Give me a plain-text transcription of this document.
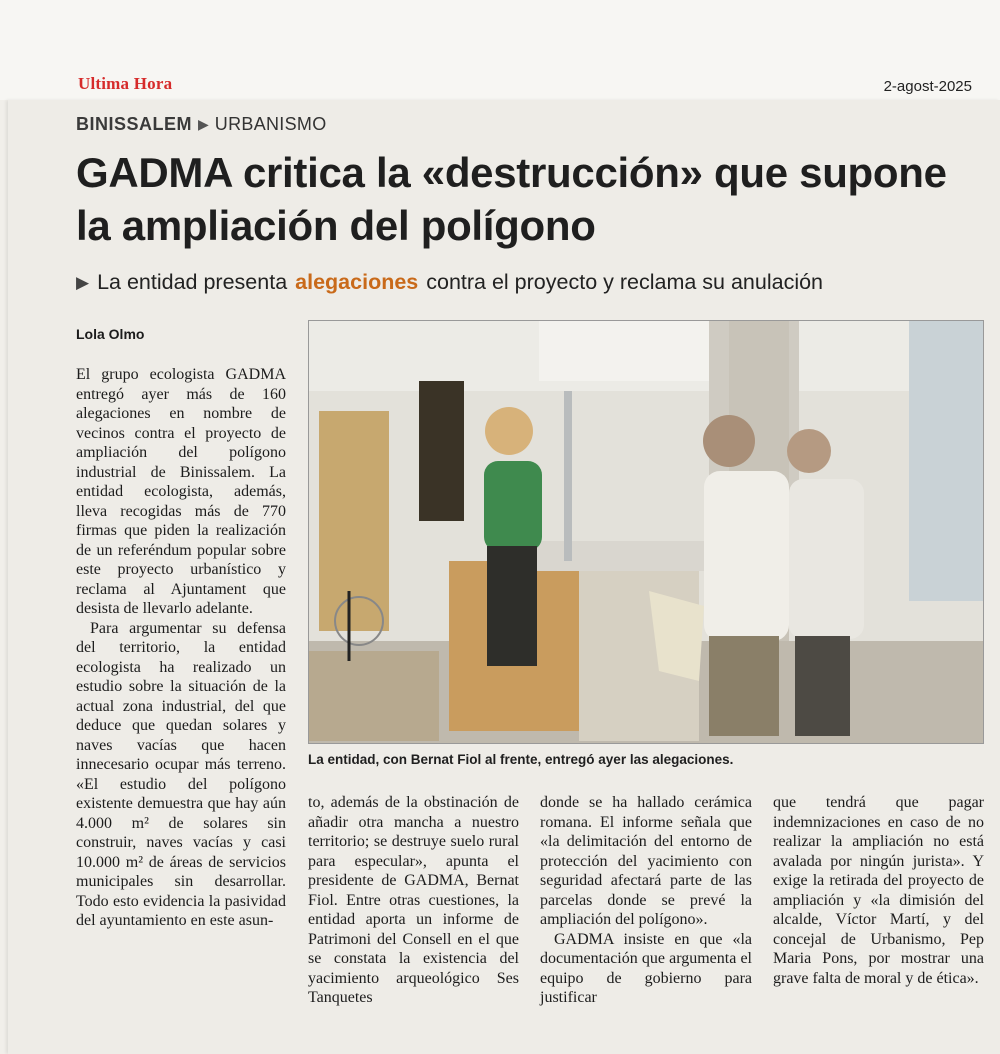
Ultima Hora	2-agost-2025
BINISSALEM ▶ URBANISMO
GADMA critica la «destrucción» que supone la ampliación del polígono
▶ La entidad presenta alegaciones contra el proyecto y reclama su anulación
Lola Olmo

El grupo ecologista GADMA entregó ayer más de 160 alegaciones en nombre de vecinos contra el proyecto de ampliación del polígono industrial de Binissalem. La entidad ecologista, además, lleva recogidas más de 770 firmas que piden la realización de un referéndum popular sobre este proyecto urbanístico y reclama al Ajuntament que desista de llevarlo adelante.

Para argumentar su defensa del territorio, la entidad ecologista ha realizado un estudio sobre la situación de la actual zona industrial, del que deduce que quedan solares y naves vacías que hacen innecesario ocupar más terreno. «El estudio del polígono existente demuestra que hay aún 4.000 m² de solares sin construir, naves vacías y casi 10.000 m² de áreas de servicios municipales sin desarrollar. Todo esto evidencia la pasividad del ayuntamiento en este asun-

La entidad, con Bernat Fiol al frente, entregó ayer las alegaciones.

to, además de la obstinación de añadir otra mancha a nuestro territorio; se destruye suelo rural para especular», apunta el presidente de GADMA, Bernat Fiol. Entre otras cuestiones, la entidad aporta un informe de Patrimoni del Consell en el que se constata la existencia del yacimiento arqueológico Ses Tanquetes

donde se ha hallado cerámica romana. El informe señala que «la delimitación del entorno de protección del yacimiento con seguridad afectará parte de las parcelas donde se prevé la ampliación del polígono».

GADMA insiste en que «la documentación que argumenta el equipo de gobierno para justificar

que tendrá que pagar indemnizaciones en caso de no realizar la ampliación no está avalada por ningún jurista». Y exige la retirada del proyecto de ampliación y «la dimisión del alcalde, Víctor Martí, y del concejal de Urbanismo, Pep Maria Pons, por mostrar una grave falta de moral y de ética».
